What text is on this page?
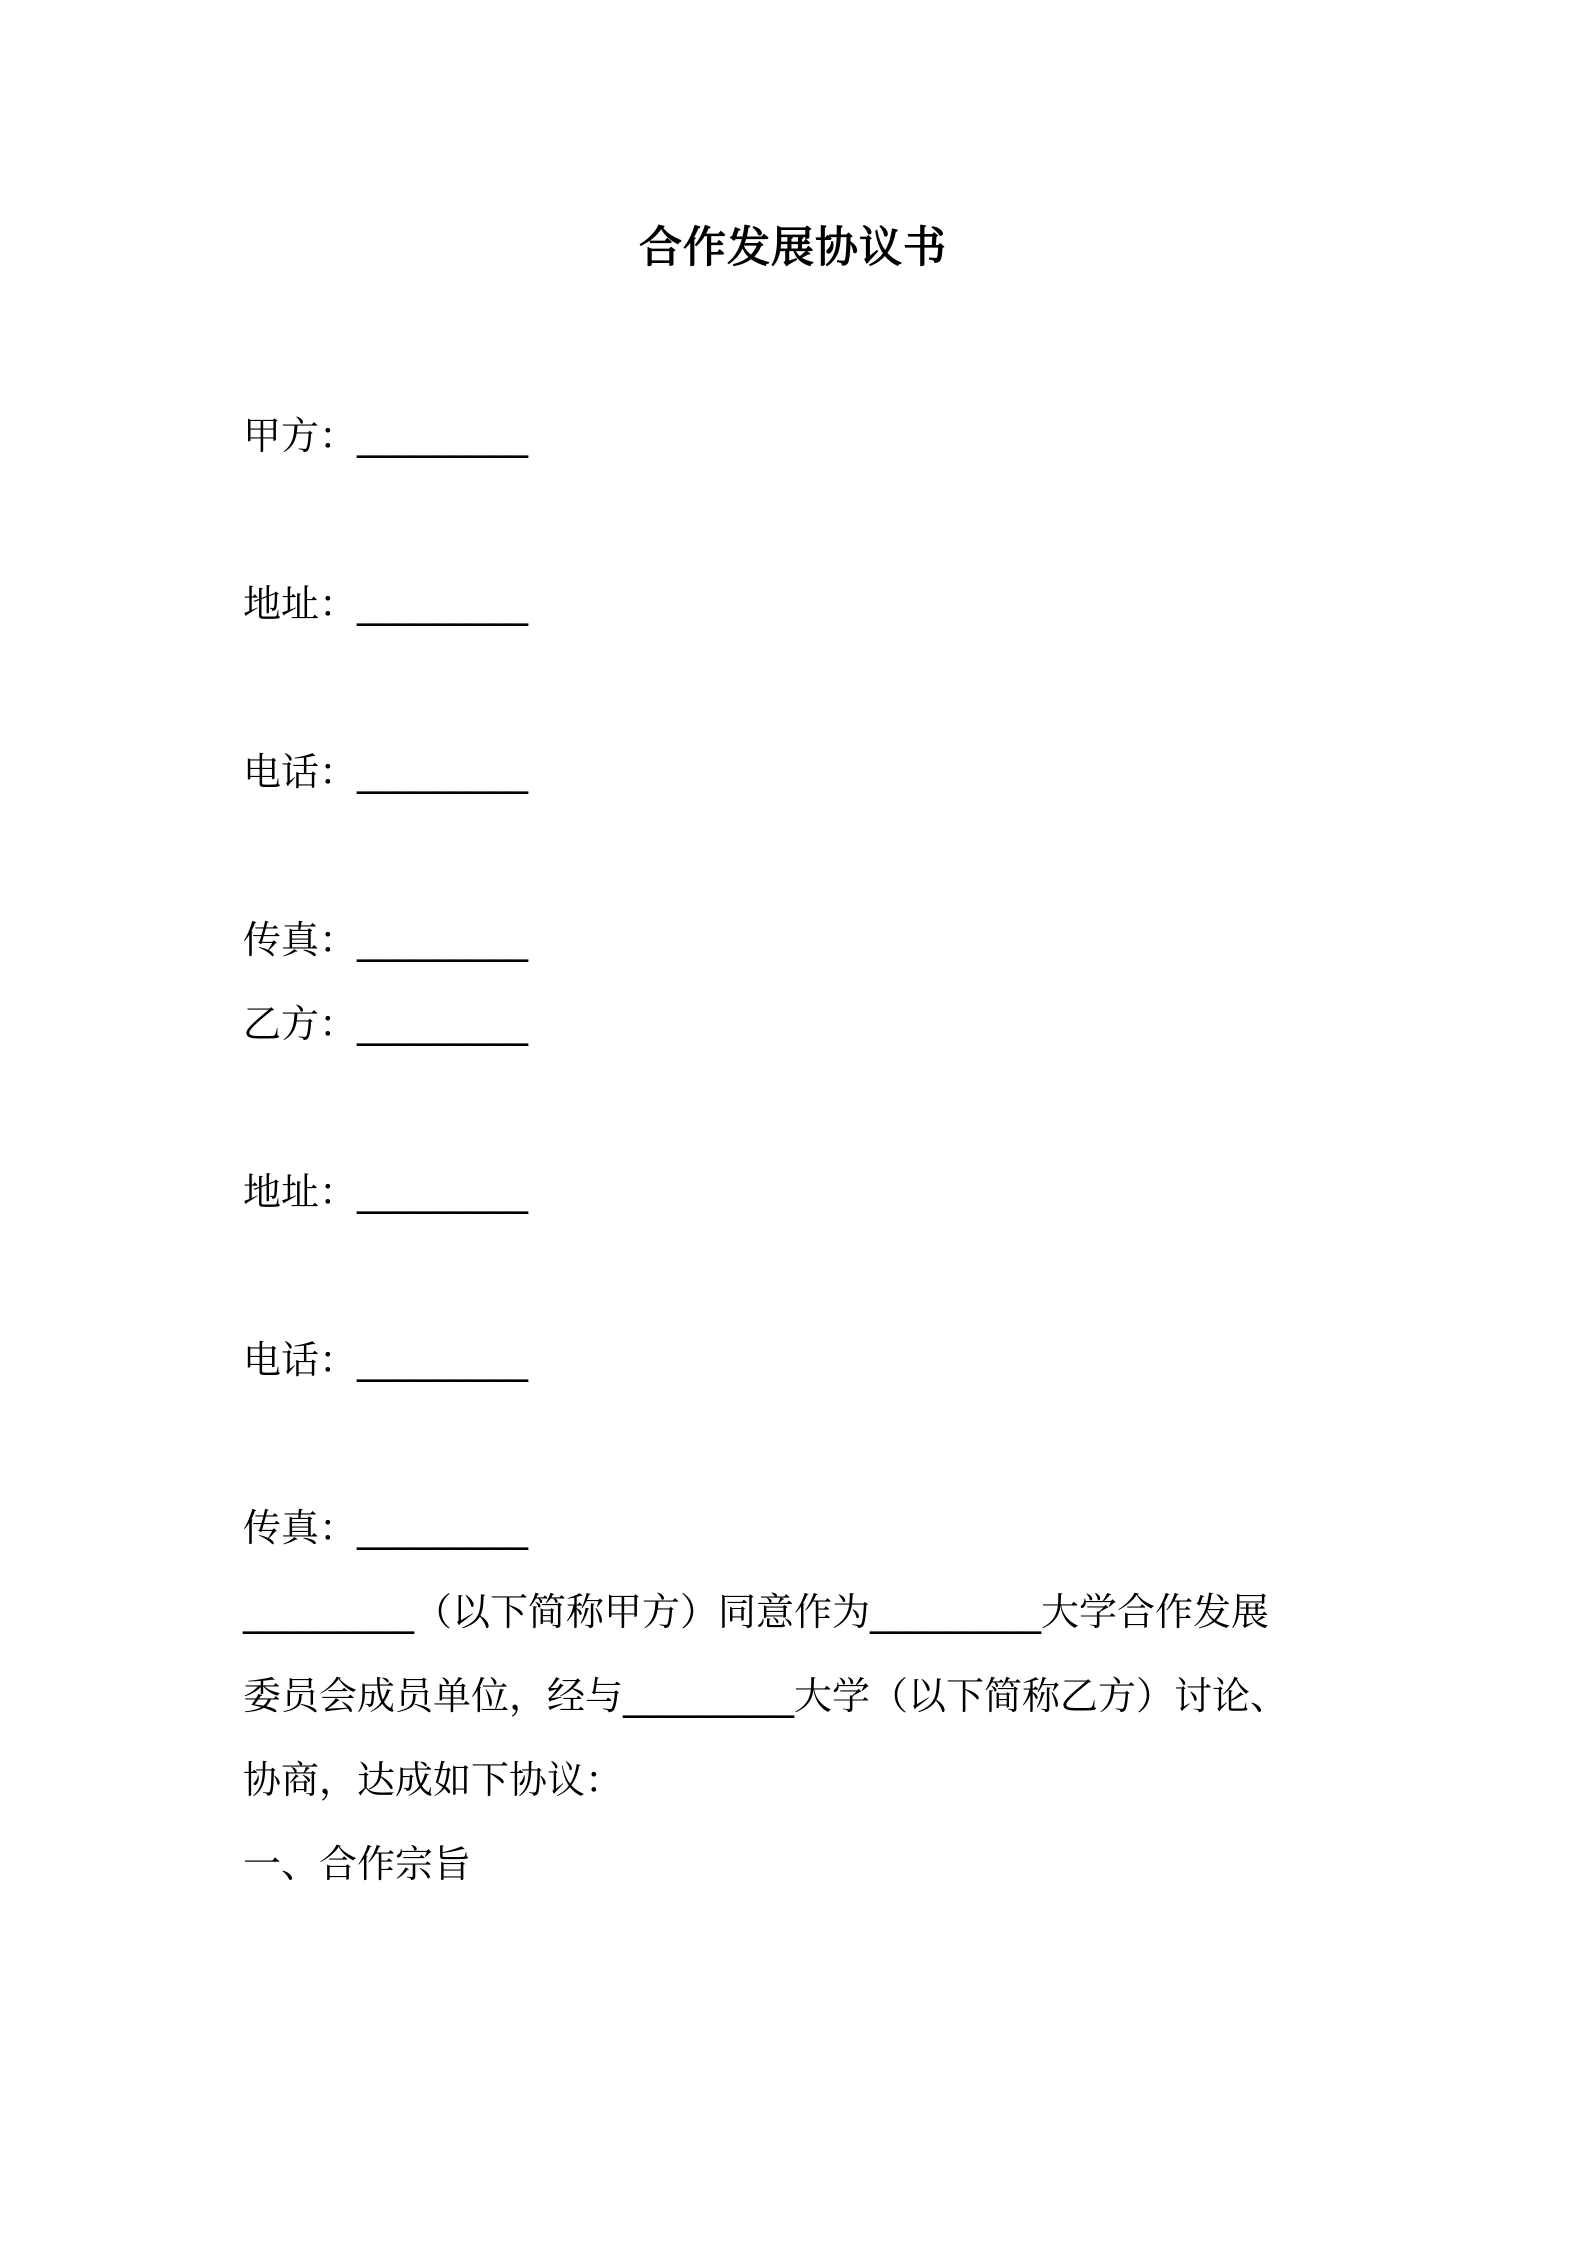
合作发展协议书
甲方：_________
地址：_________
电话：_________
传真：_________
乙方：_________
地址：_________
电话：_________
传真：_________
_________（以下简称甲方）同意作为_________大学合作发展
委员会成员单位，经与_________大学（以下简称乙方）讨论、
协商，达成如下协议：
一、合作宗旨
